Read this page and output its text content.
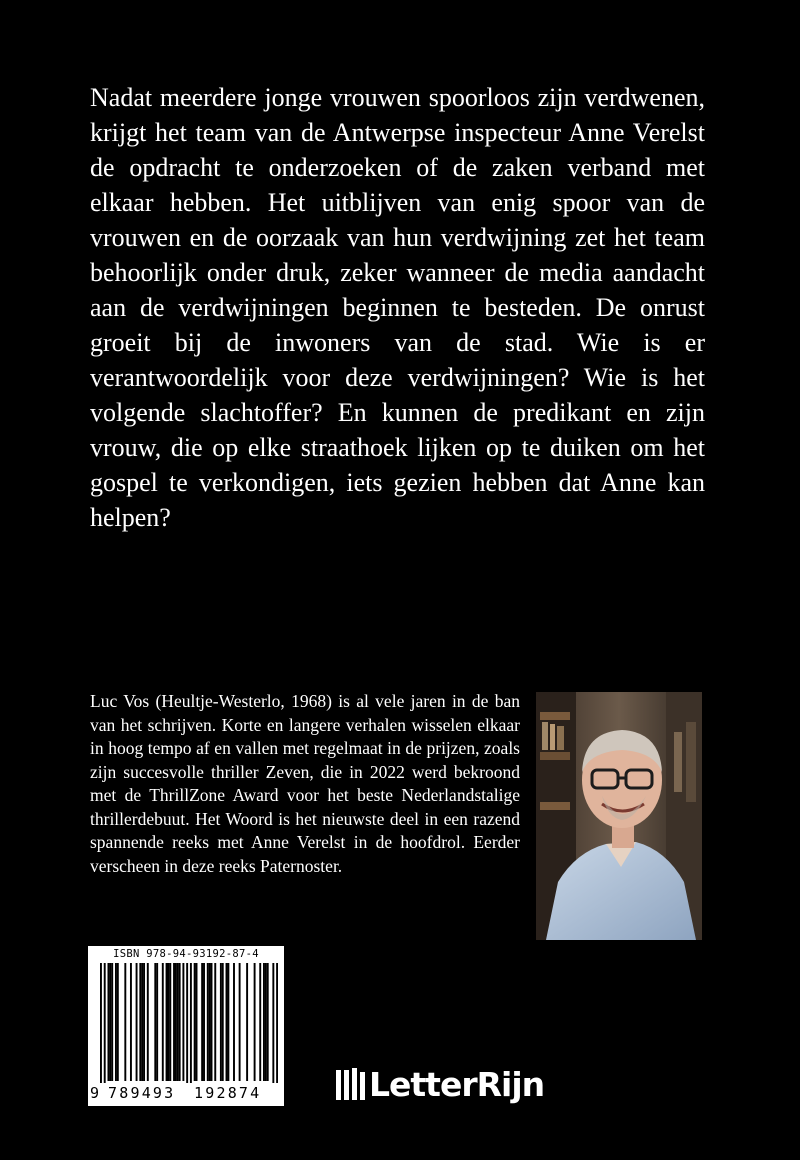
Nadat meerdere jonge vrouwen spoorloos zijn verdwenen, krijgt het team van de Antwerpse inspecteur Anne Verelst de opdracht te onderzoeken of de zaken verband met elkaar hebben. Het uitblijven van enig spoor van de vrouwen en de oorzaak van hun verdwijning zet het team behoorlijk onder druk, zeker wanneer de media aandacht aan de verdwijningen beginnen te besteden. De onrust groeit bij de inwoners van de stad. Wie is er verantwoordelijk voor deze verdwijningen? Wie is het volgende slachtoffer? En kunnen de predikant en zijn vrouw, die op elke straathoek lijken op te duiken om het gospel te verkondigen, iets gezien hebben dat Anne kan helpen?

Luc Vos (Heultje-Westerlo, 1968) is al vele jaren in de ban van het schrijven. Korte en langere verhalen wisselen elkaar in hoog tempo af en vallen met regelmaat in de prijzen, zoals zijn succesvolle thriller Zeven, die in 2022 werd bekroond met de ThrillZone Award voor het beste Nederlandstalige thrillerdebuut. Het Woord is het nieuwste deel in een razend spannende reeks met Anne Verelst in de hoofdrol. Eerder verscheen in deze reeks Paternoster.

ISBN 978-94-93192-87-4
9 789493 192874	LetterRijn
